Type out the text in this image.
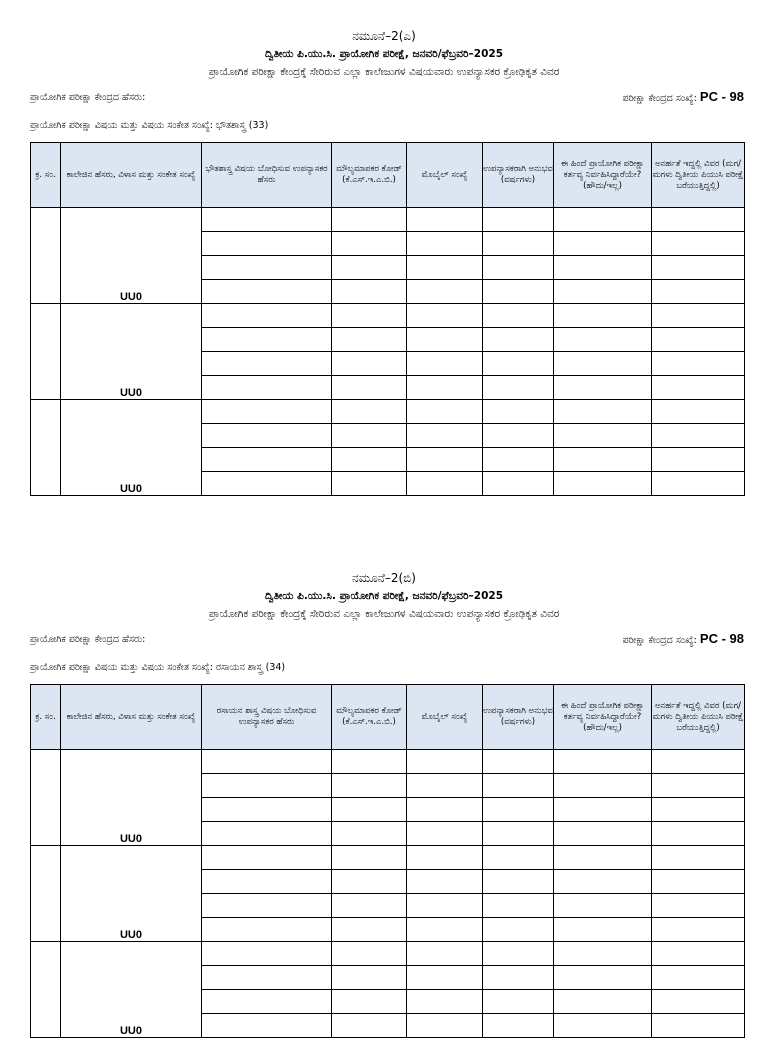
ನಮೂನೆ–2(ಎ)
ದ್ವಿತೀಯ ಪಿ.ಯು.ಸಿ. ಪ್ರಾಯೋಗಿಕ ಪರೀಕ್ಷೆ, ಜನವರಿ/ಫೆಬ್ರವರಿ–2025
ಪ್ರಾಯೋಗಿಕ ಪರೀಕ್ಷಾ ಕೇಂದ್ರಕ್ಕೆ ಸೇರಿರುವ ಎಲ್ಲಾ ಕಾಲೇಜುಗಳ ವಿಷಯವಾರು ಉಪನ್ಯಾಸಕರ ಕ್ರೋಢಿಕೃತ ವಿವರ
ಪ್ರಾಯೋಗಿಕ ಪರೀಕ್ಷಾ ಕೇಂದ್ರದ ಹೆಸರು:	ಪರೀಕ್ಷಾ ಕೇಂದ್ರದ ಸಂಖ್ಯೆ: PC - 98
ಪ್ರಾಯೋಗಿಕ ಪರೀಕ್ಷಾ ವಿಷಯ ಮತ್ತು ವಿಷಯ ಸಂಕೇತ ಸಂಖ್ಯೆ: ಭೌತಶಾಸ್ತ್ರ (33)
ಕ್ರ. ಸಂ.	ಕಾಲೇಜಿನ ಹೆಸರು, ವಿಳಾಸ ಮತ್ತು ಸಂಕೇತ ಸಂಖ್ಯೆ	ಭೌತಶಾಸ್ತ್ರ ವಿಷಯ ಬೋಧಿಸುವ ಉಪನ್ಯಾಸಕರ ಹೆಸರು	ಮೌಲ್ಯಮಾಪಕರ ಕೋಡ್ (ಕೆ.ಎಸ್.ಇ.ಎ.ಬಿ.)	ಮೊಬೈಲ್ ಸಂಖ್ಯೆ	ಉಪನ್ಯಾಸಕರಾಗಿ ಅನುಭವ (ವರ್ಷಗಳು)	ಈ ಹಿಂದೆ ಪ್ರಾಯೋಗಿಕ ಪರೀಕ್ಷಾ ಕರ್ತವ್ಯ ನಿರ್ವಹಿಸಿದ್ದಾರೆಯೇ? (ಹೌದು/ಇಲ್ಲ)	ಅನರ್ಹತೆ ಇದ್ದಲ್ಲಿ ವಿವರ (ಮಗ/ಮಗಳು ದ್ವಿತೀಯ ಪಿಯುಸಿ ಪರೀಕ್ಷೆ ಬರೆಯುತ್ತಿದ್ದಲ್ಲಿ)
	UU0						

	UU0						

	UU0						

ನಮೂನೆ–2(ಬಿ)
ದ್ವಿತೀಯ ಪಿ.ಯು.ಸಿ. ಪ್ರಾಯೋಗಿಕ ಪರೀಕ್ಷೆ, ಜನವರಿ/ಫೆಬ್ರವರಿ–2025
ಪ್ರಾಯೋಗಿಕ ಪರೀಕ್ಷಾ ಕೇಂದ್ರಕ್ಕೆ ಸೇರಿರುವ ಎಲ್ಲಾ ಕಾಲೇಜುಗಳ ವಿಷಯವಾರು ಉಪನ್ಯಾಸಕರ ಕ್ರೋಢಿಕೃತ ವಿವರ
ಪ್ರಾಯೋಗಿಕ ಪರೀಕ್ಷಾ ಕೇಂದ್ರದ ಹೆಸರು:	ಪರೀಕ್ಷಾ ಕೇಂದ್ರದ ಸಂಖ್ಯೆ: PC - 98
ಪ್ರಾಯೋಗಿಕ ಪರೀಕ್ಷಾ ವಿಷಯ ಮತ್ತು ವಿಷಯ ಸಂಕೇತ ಸಂಖ್ಯೆ: ರಸಾಯನ ಶಾಸ್ತ್ರ (34)
ಕ್ರ. ಸಂ.	ಕಾಲೇಜಿನ ಹೆಸರು, ವಿಳಾಸ ಮತ್ತು ಸಂಕೇತ ಸಂಖ್ಯೆ	ರಸಾಯನ ಶಾಸ್ತ್ರ ವಿಷಯ ಬೋಧಿಸುವ ಉಪನ್ಯಾಸಕರ ಹೆಸರು	ಮೌಲ್ಯಮಾಪಕರ ಕೋಡ್ (ಕೆ.ಎಸ್.ಇ.ಎ.ಬಿ.)	ಮೊಬೈಲ್ ಸಂಖ್ಯೆ	ಉಪನ್ಯಾಸಕರಾಗಿ ಅನುಭವ (ವರ್ಷಗಳು)	ಈ ಹಿಂದೆ ಪ್ರಾಯೋಗಿಕ ಪರೀಕ್ಷಾ ಕರ್ತವ್ಯ ನಿರ್ವಹಿಸಿದ್ದಾರೆಯೇ? (ಹೌದು/ಇಲ್ಲ)	ಅನರ್ಹತೆ ಇದ್ದಲ್ಲಿ ವಿವರ (ಮಗ/ಮಗಳು ದ್ವಿತೀಯ ಪಿಯುಸಿ ಪರೀಕ್ಷೆ ಬರೆಯುತ್ತಿದ್ದಲ್ಲಿ)
	UU0						

	UU0						

	UU0						
